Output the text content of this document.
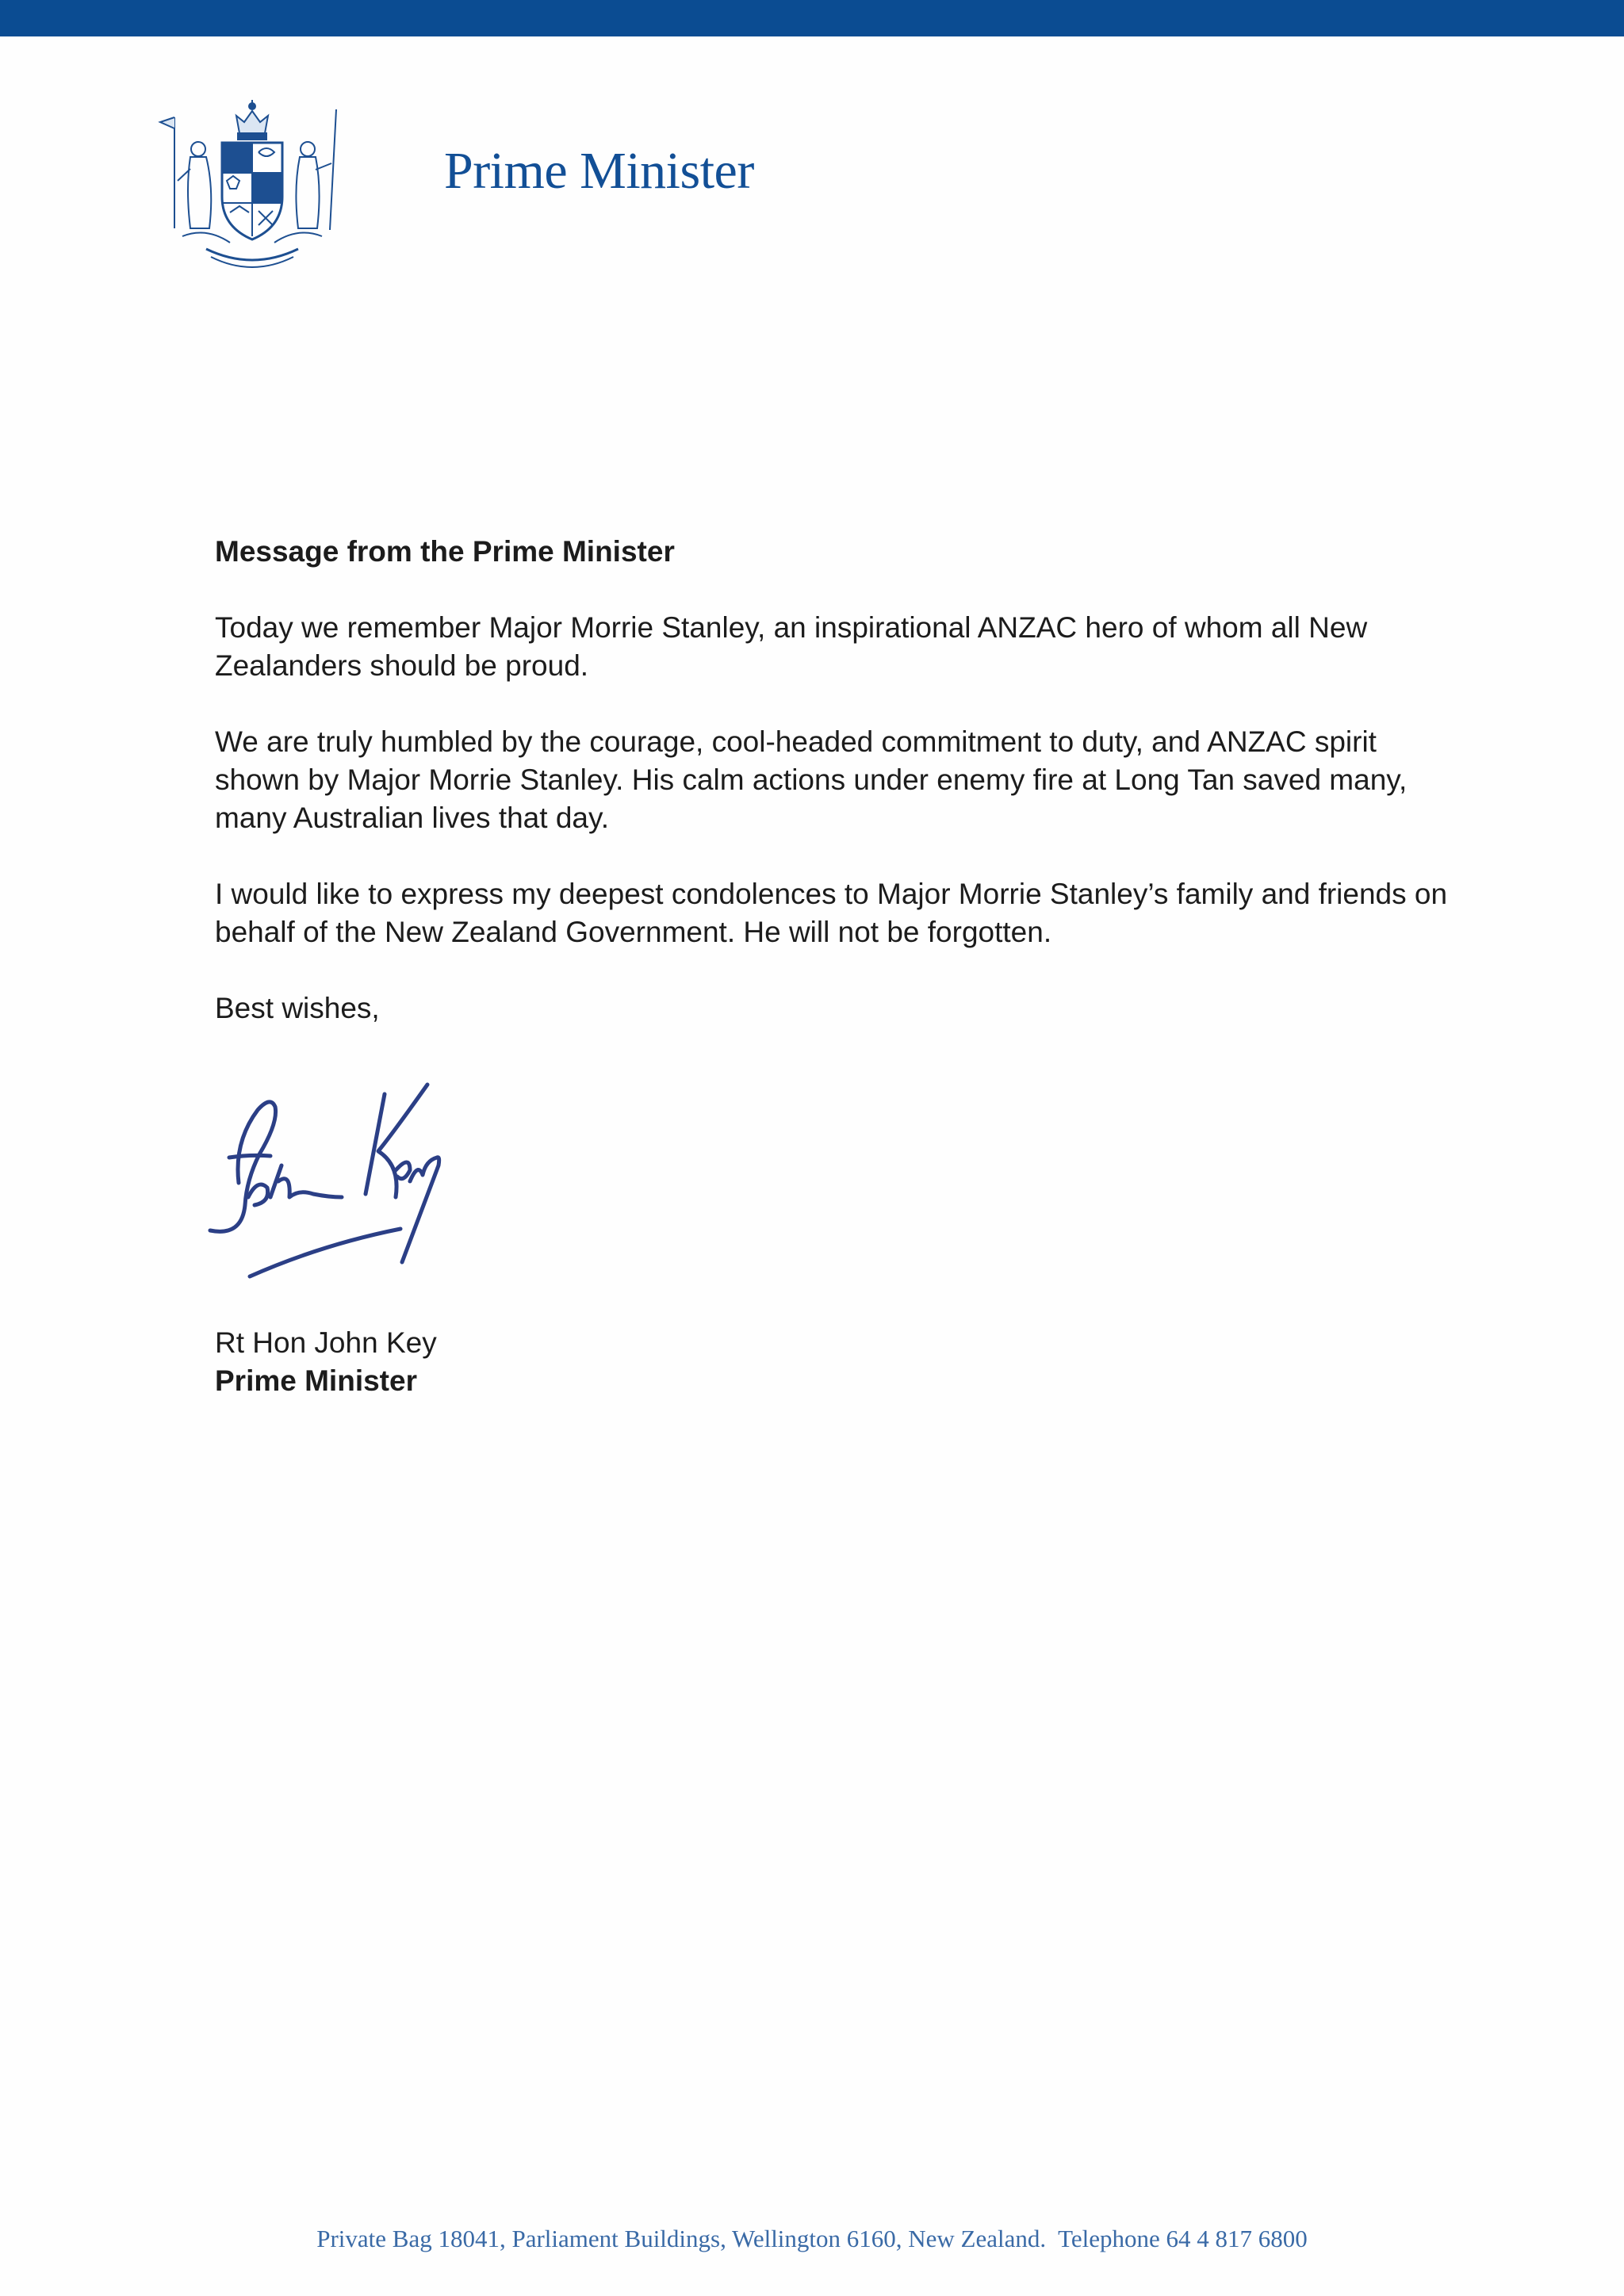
Prime Minister

Message from the Prime Minister

Today we remember Major Morrie Stanley, an inspirational ANZAC hero of whom all New Zealanders should be proud.

We are truly humbled by the courage, cool-headed commitment to duty, and ANZAC spirit shown by Major Morrie Stanley. His calm actions under enemy fire at Long Tan saved many, many Australian lives that day.

I would like to express my deepest condolences to Major Morrie Stanley’s family and friends on behalf of the New Zealand Government. He will not be forgotten.

Best wishes,

Rt Hon John Key
Prime Minister
Private Bag 18041, Parliament Buildings, Wellington 6160, New Zealand.  Telephone 64 4 817 6800
